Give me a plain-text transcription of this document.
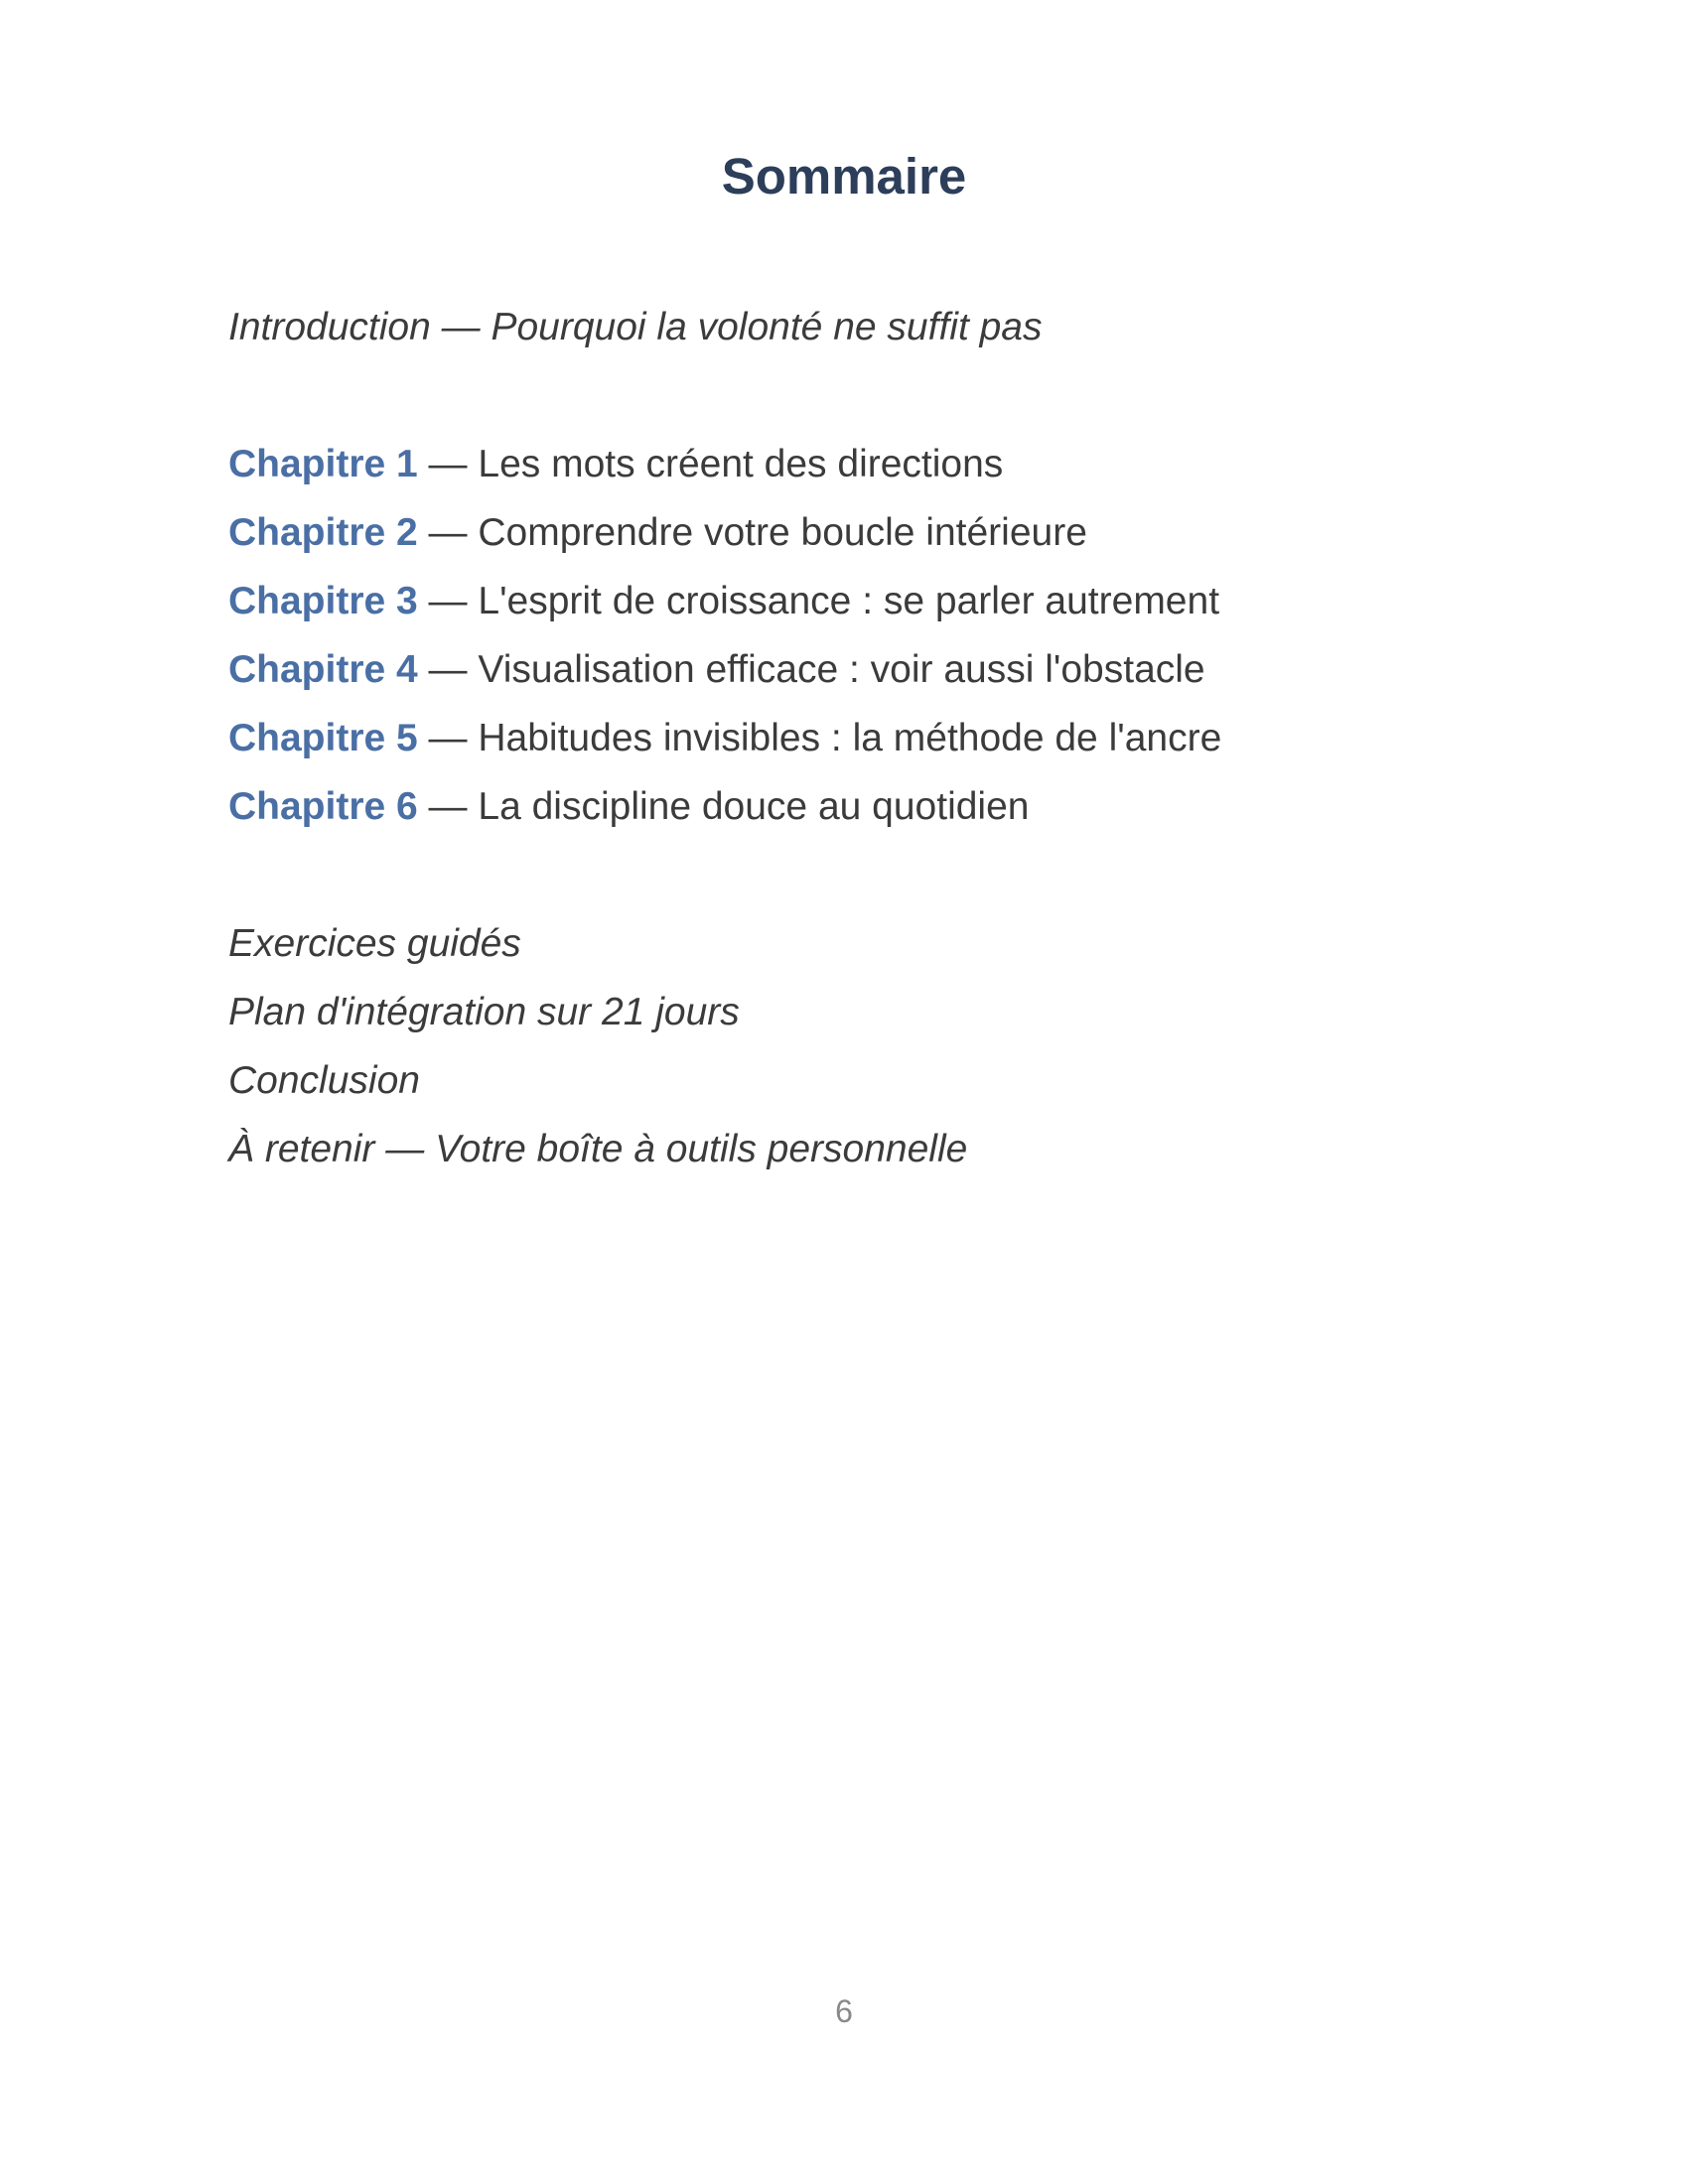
Sommaire
Introduction — Pourquoi la volonté ne suffit pas
Chapitre 1 — Les mots créent des directions
Chapitre 2 — Comprendre votre boucle intérieure
Chapitre 3 — L'esprit de croissance : se parler autrement
Chapitre 4 — Visualisation efficace : voir aussi l'obstacle
Chapitre 5 — Habitudes invisibles : la méthode de l'ancre
Chapitre 6 — La discipline douce au quotidien
Exercices guidés
Plan d'intégration sur 21 jours
Conclusion
À retenir — Votre boîte à outils personnelle
6
